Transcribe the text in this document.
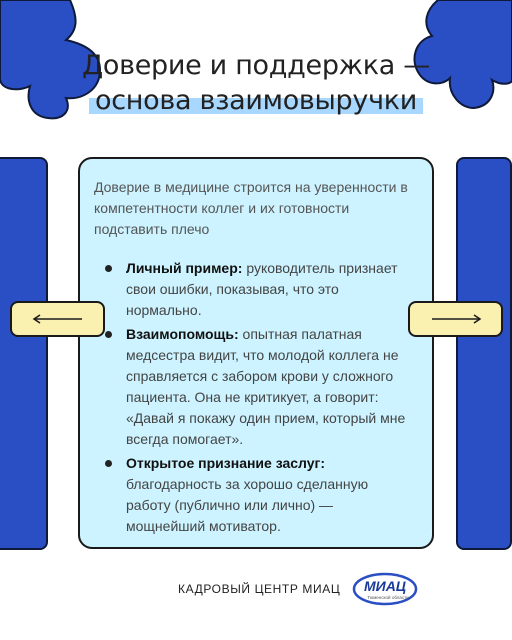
Доверие и поддержка —
основа взаимовыручки

Доверие в медицине строится на уверенности в компетентности коллег и их готовности подставить плечо

Личный пример: руководитель признает свои ошибки, показывая, что это нормально.
Взаимопомощь: опытная палатная медсестра видит, что молодой коллега не справляется с забором крови у сложного пациента. Она не критикует, а говорит: «Давай я покажу один прием, который мне всегда помогает».
Открытое признание заслуг: благодарность за хорошо сделанную работу (публично или лично) — мощнейший мотиватор.
КАДРОВЫЙ ЦЕНТР МИАЦ МИАЦ
Тюменской области
